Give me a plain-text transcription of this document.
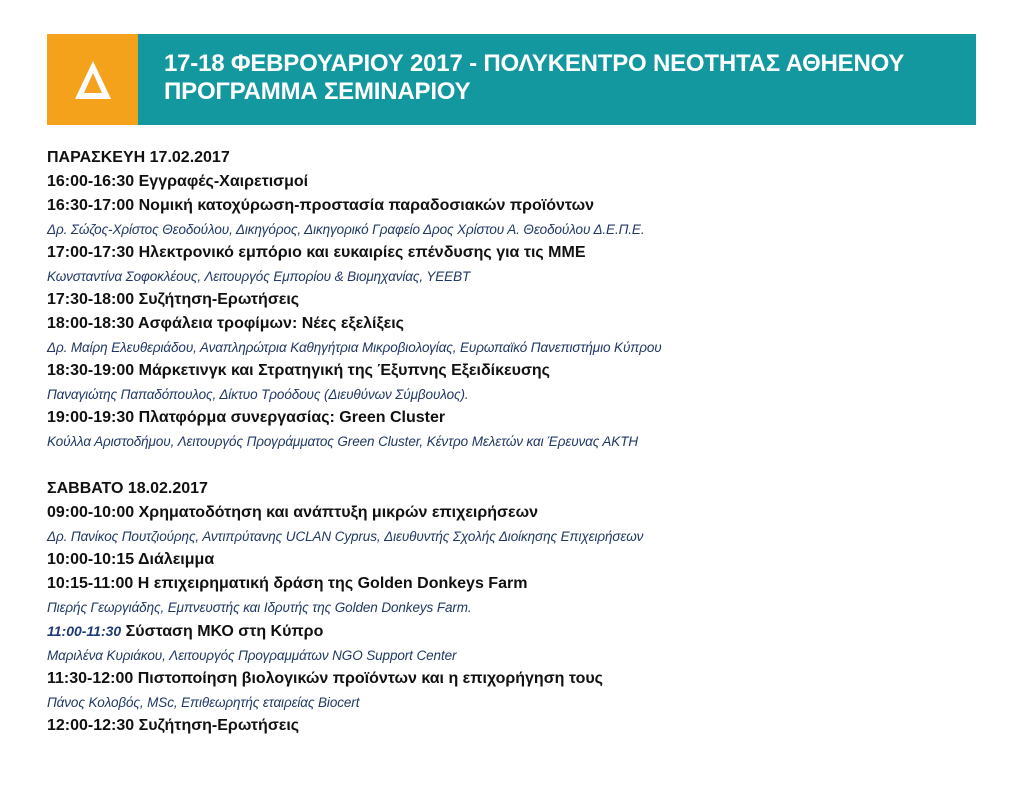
17-18 ΦΕΒΡΟΥΑΡΙΟΥ 2017 - ΠΟΛΥΚΕΝΤΡΟ ΝΕΟΤΗΤΑΣ ΑΘΗΕΝΟΥ
ΠΡΟΓΡΑΜΜΑ ΣΕΜΙΝΑΡΙΟΥ
ΠΑΡΑΣΚΕΥΗ 17.02.2017
16:00-16:30 Εγγραφές-Χαιρετισμοί
16:30-17:00 Νομική κατοχύρωση-προστασία παραδοσιακών προϊόντων
Δρ. Σώζος-Χρίστος Θεοδούλου, Δικηγόρος, Δικηγορικό Γραφείο Δρος Χρίστου Α. Θεοδούλου Δ.Ε.Π.Ε.
17:00-17:30 Ηλεκτρονικό εμπόριο και ευκαιρίες επένδυσης για τις ΜΜΕ
Κωνσταντίνα Σοφοκλέους, Λειτουργός Εμπορίου & Βιομηχανίας, ΥΕΕΒΤ
17:30-18:00 Συζήτηση-Ερωτήσεις
18:00-18:30 Ασφάλεια τροφίμων: Νέες εξελίξεις
Δρ. Μαίρη Ελευθεριάδου, Αναπληρώτρια Καθηγήτρια Μικροβιολογίας, Ευρωπαϊκό Πανεπιστήμιο Κύπρου
18:30-19:00 Μάρκετινγκ και Στρατηγική της Έξυπνης Εξειδίκευσης
Παναγιώτης Παπαδόπουλος, Δίκτυο Τροόδους (Διευθύνων Σύμβουλος).
19:00-19:30 Πλατφόρμα συνεργασίας: Green Cluster
Κούλλα Αριστοδήμου, Λειτουργός Προγράμματος Green Cluster, Κέντρο Μελετών και Έρευνας ΑΚΤΗ
ΣΑΒΒΑΤΟ 18.02.2017
09:00-10:00 Χρηματοδότηση και ανάπτυξη μικρών επιχειρήσεων
Δρ. Πανίκος Πουτζιούρης, Αντιπρύτανης UCLAN Cyprus, Διευθυντής Σχολής Διοίκησης Επιχειρήσεων
10:00-10:15 Διάλειμμα
10:15-11:00 Η επιχειρηματική δράση της Golden Donkeys Farm
Πιερής Γεωργιάδης, Εμπνευστής και Ιδρυτής της Golden Donkeys Farm.
11:00-11:30 Σύσταση ΜΚΟ στη Κύπρο
Μαριλένα Κυριάκου, Λειτουργός Προγραμμάτων NGO Support Center
11:30-12:00 Πιστοποίηση βιολογικών προϊόντων και η επιχορήγηση τους
Πάνος Κολοβός, MSc, Επιθεωρητής εταιρείας Biocert
12:00-12:30 Συζήτηση-Ερωτήσεις
